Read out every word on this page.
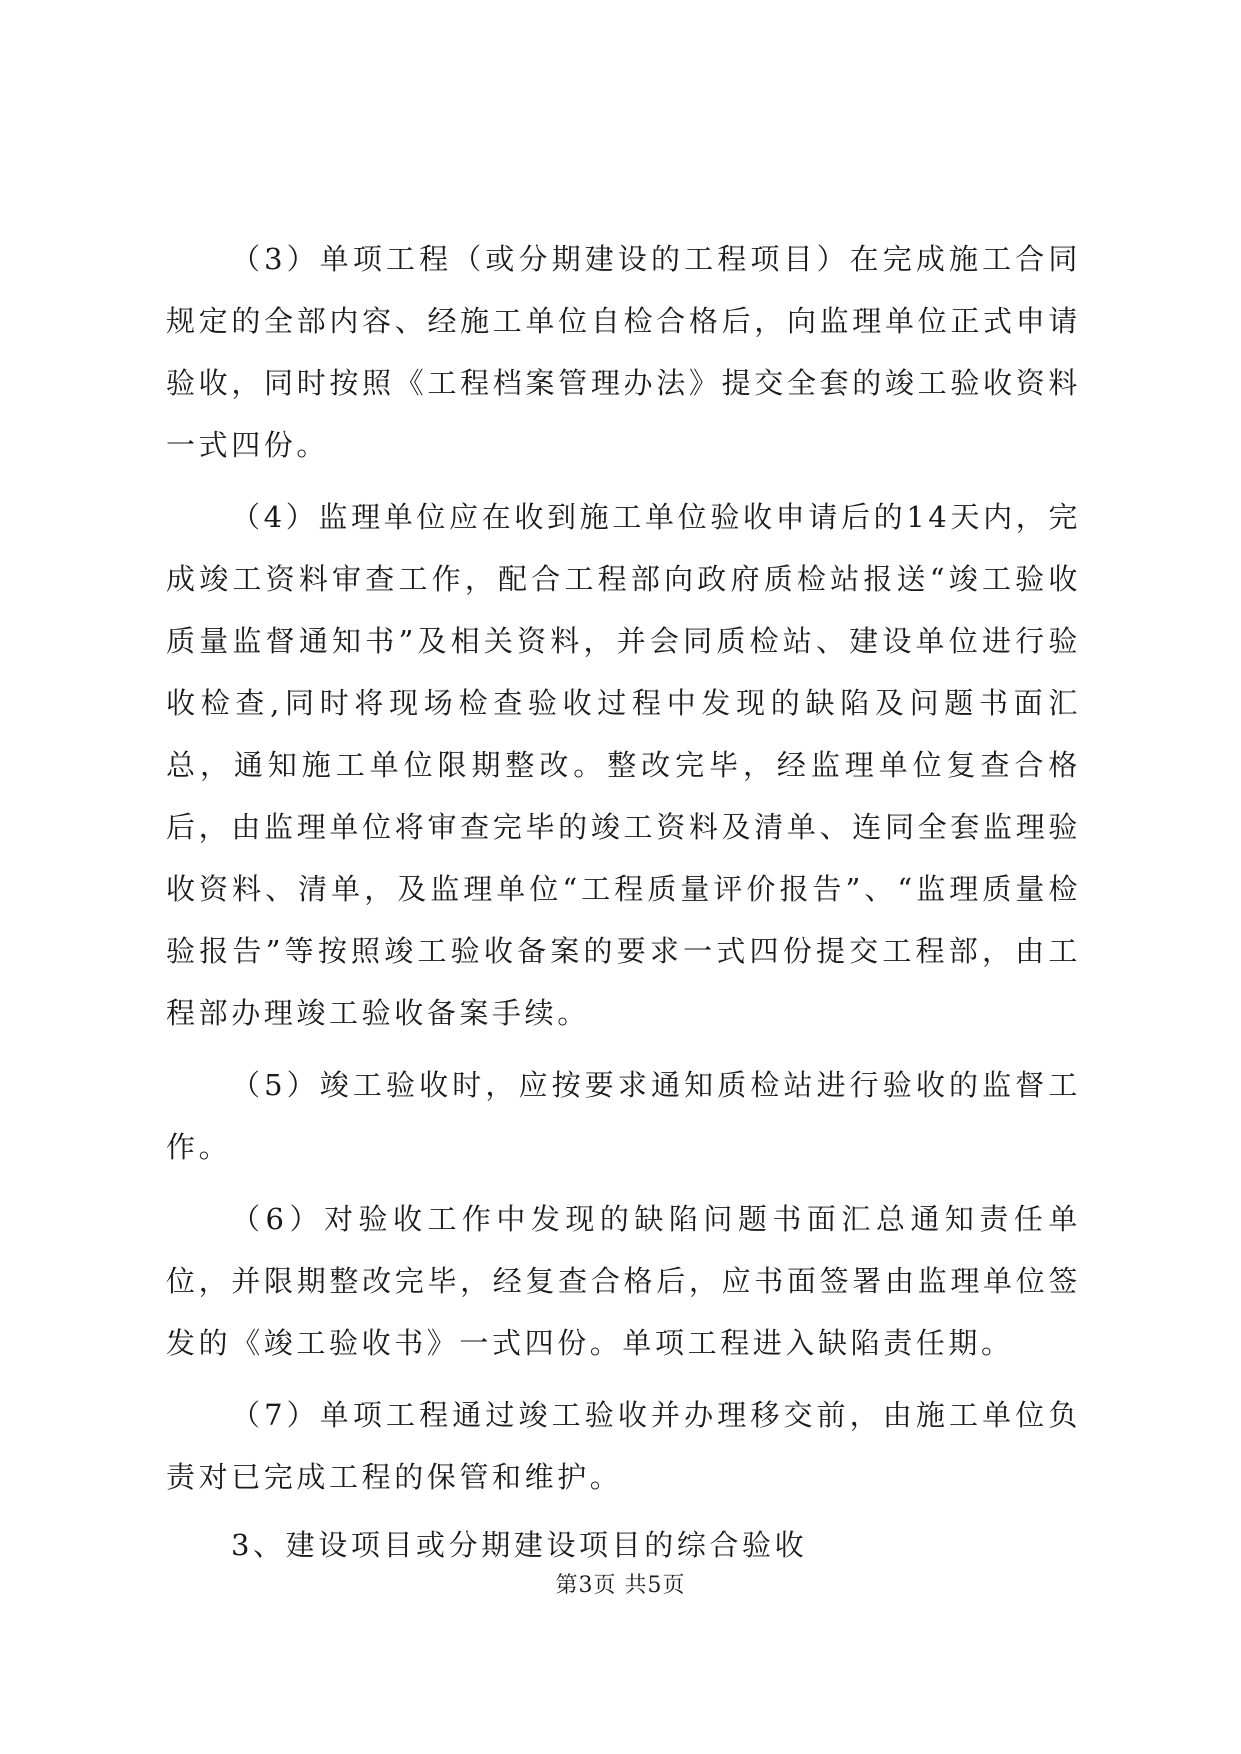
（3）单项工程（或分期建设的工程项目）在完成施工合同规定的全部内容、经施工单位自检合格后，向监理单位正式申请验收，同时按照《工程档案管理办法》提交全套的竣工验收资料一式四份。

（4）监理单位应在收到施工单位验收申请后的14天内，完成竣工资料审查工作，配合工程部向政府质检站报送“竣工验收质量监督通知书”及相关资料，并会同质检站、建设单位进行验收检查,同时将现场检查验收过程中发现的缺陷及问题书面汇总，通知施工单位限期整改。整改完毕，经监理单位复查合格后，由监理单位将审查完毕的竣工资料及清单、连同全套监理验收资料、清单，及监理单位“工程质量评价报告”、“监理质量检验报告”等按照竣工验收备案的要求一式四份提交工程部，由工程部办理竣工验收备案手续。

（5）竣工验收时，应按要求通知质检站进行验收的监督工作。

（6）对验收工作中发现的缺陷问题书面汇总通知责任单位，并限期整改完毕，经复查合格后，应书面签署由监理单位签发的《竣工验收书》一式四份。单项工程进入缺陷责任期。

（7）单项工程通过竣工验收并办理移交前，由施工单位负责对已完成工程的保管和维护。

3、建设项目或分期建设项目的综合验收

第3页 共5页
